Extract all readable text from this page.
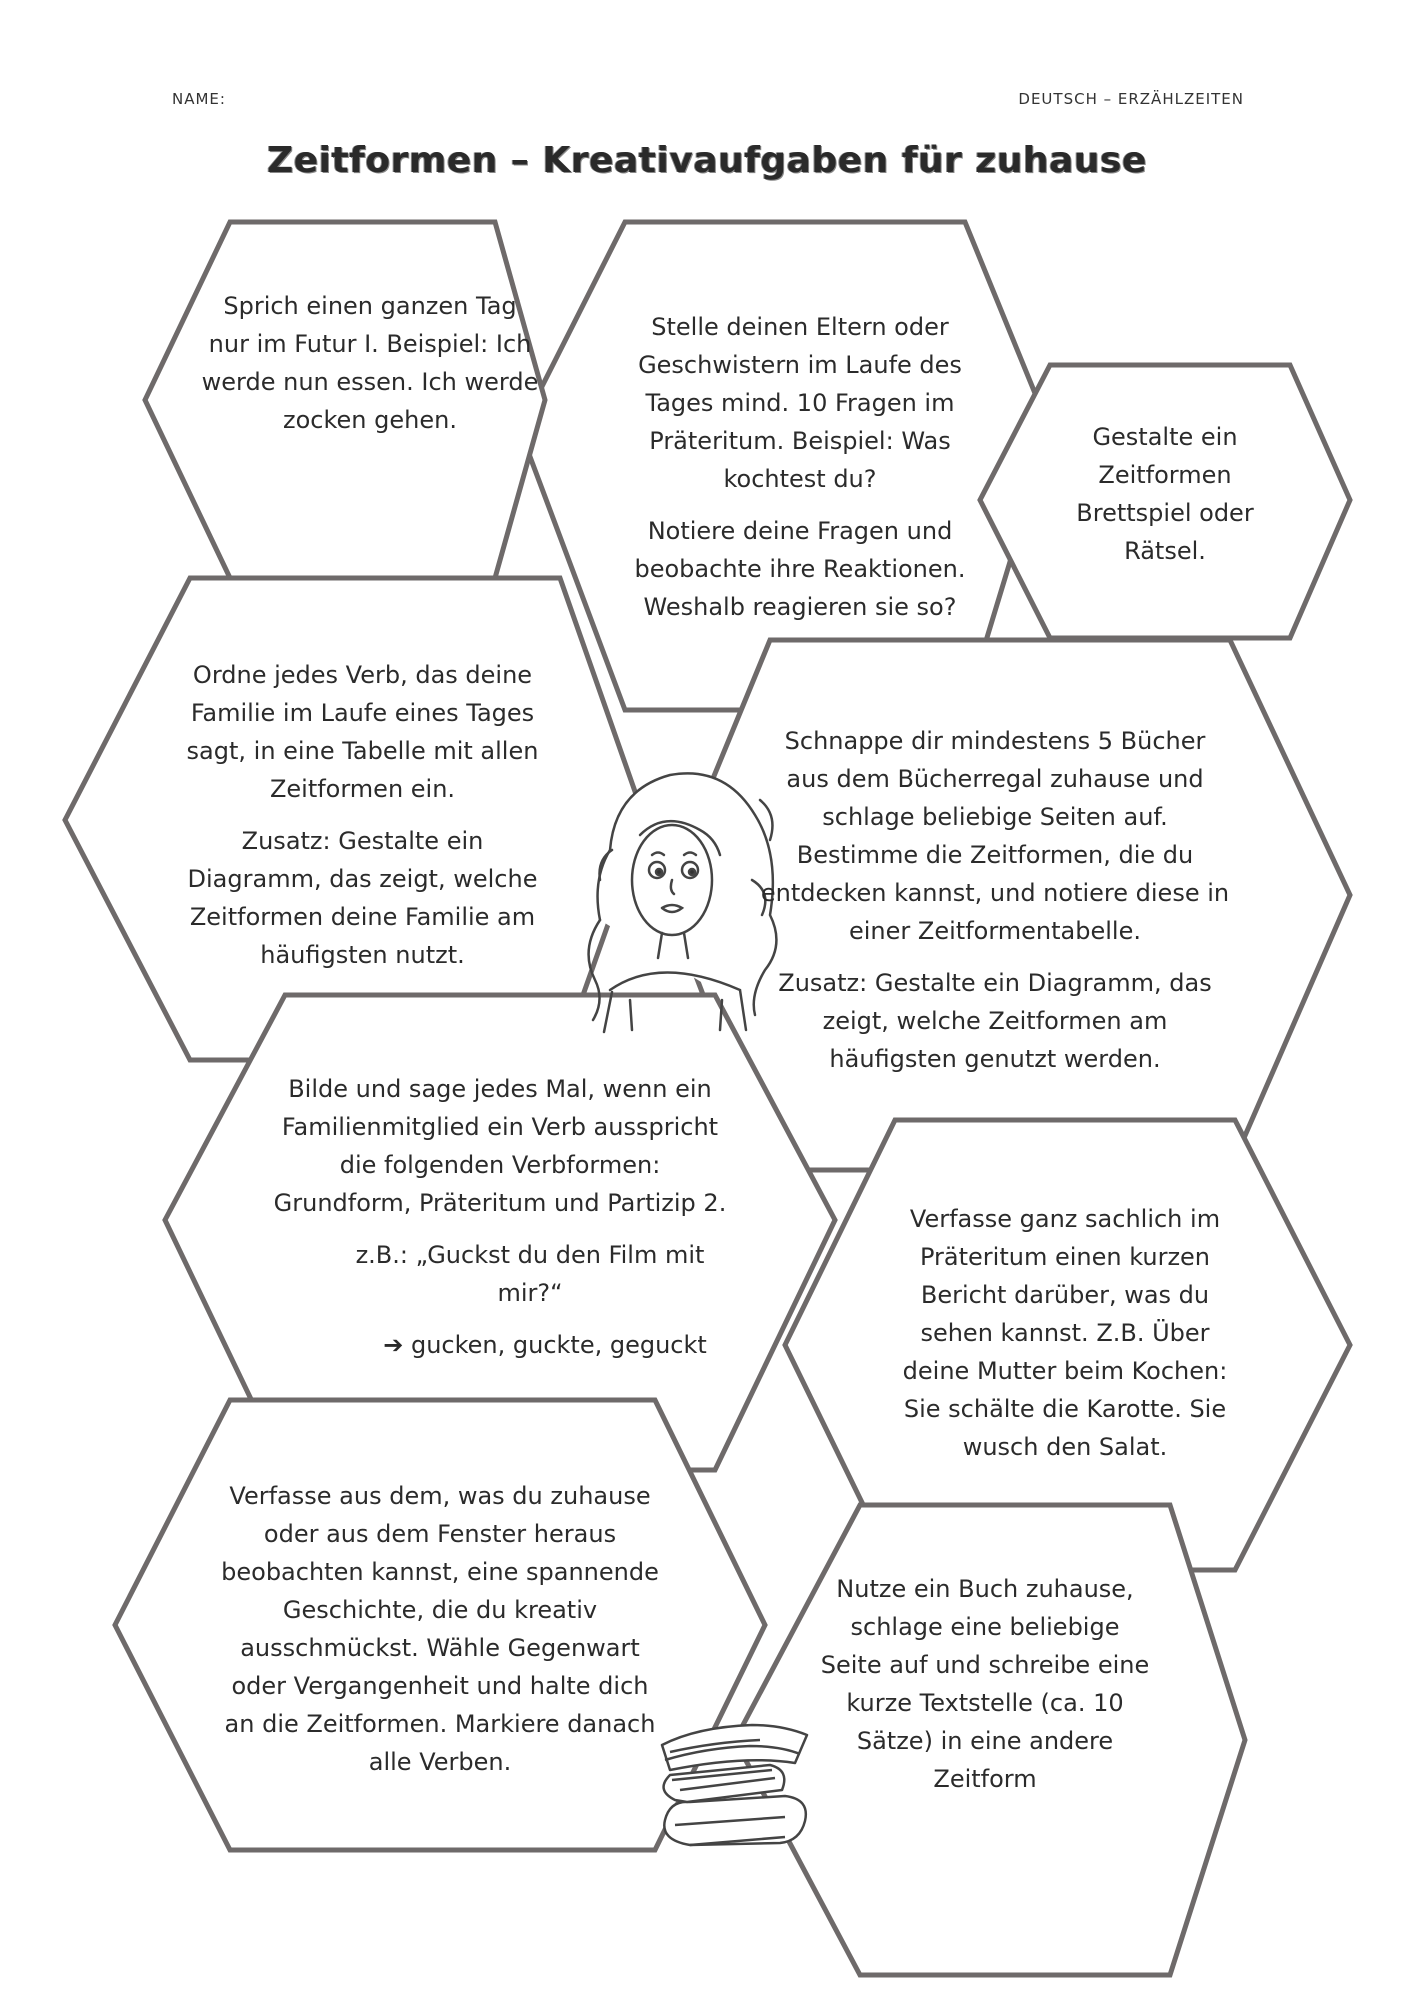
NAME:	DEUTSCH – ERZÄHLZEITEN
Zeitformen – Kreativaufgaben für zuhause

Sprich einen ganzen Tag nur im Futur I. Beispiel: Ich werde nun essen. Ich werde zocken gehen.

Stelle deinen Eltern oder Geschwistern im Laufe des Tages mind. 10 Fragen im Präteritum. Beispiel: Was kochtest du?

Notiere deine Fragen und beobachte ihre Reaktionen. Weshalb reagieren sie so?

Gestalte ein Zeitformen Brettspiel oder Rätsel.

Ordne jedes Verb, das deine Familie im Laufe eines Tages sagt, in eine Tabelle mit allen Zeitformen ein.

Zusatz: Gestalte ein Diagramm, das zeigt, welche Zeitformen deine Familie am häufigsten nutzt.

Schnappe dir mindestens 5 Bücher aus dem Bücherregal zuhause und schlage beliebige Seiten auf. Bestimme die Zeitformen, die du entdecken kannst, und notiere diese in einer Zeitformentabelle.

Zusatz: Gestalte ein Diagramm, das zeigt, welche Zeitformen am häufigsten genutzt werden.

Bilde und sage jedes Mal, wenn ein Familienmitglied ein Verb ausspricht die folgenden Verbformen: Grundform, Präteritum und Partizip 2.

z.B.: „Guckst du den Film mit mir?“

➔ gucken, guckte, geguckt

Verfasse ganz sachlich im Präteritum einen kurzen Bericht darüber, was du sehen kannst. Z.B. Über deine Mutter beim Kochen: Sie schälte die Karotte. Sie wusch den Salat.

Verfasse aus dem, was du zuhause oder aus dem Fenster heraus beobachten kannst, eine spannende Geschichte, die du kreativ ausschmückst. Wähle Gegenwart oder Vergangenheit und halte dich an die Zeitformen. Markiere danach alle Verben.

Nutze ein Buch zuhause, schlage eine beliebige Seite auf und schreibe eine kurze Textstelle (ca. 10 Sätze) in eine andere Zeitform
